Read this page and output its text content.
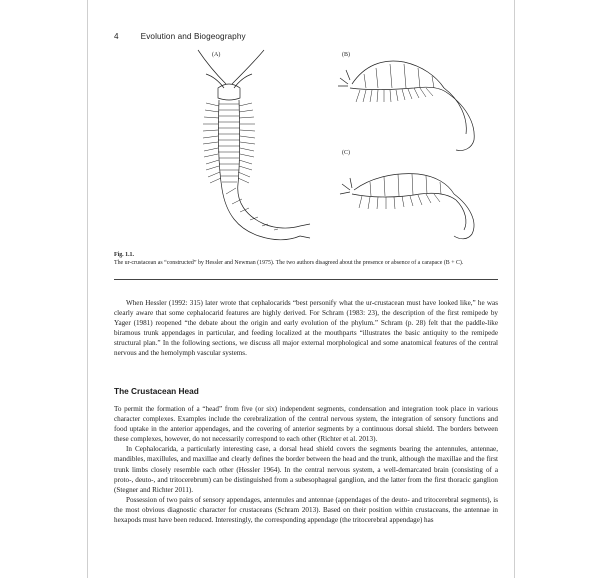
4	Evolution and Biogeography
(A)	(B)
(C)
Fig. 1.1.
The ur-crustacean as “constructed” by Hessler and Newman (1975). The two authors disagreed about the presence or absence of a carapace (B + C).

When Hessler (1992: 315) later wrote that cephalocarids “best personify what the ur-crustacean must have looked like,” he was clearly aware that some cephalocarid features are highly derived. For Schram (1983: 23), the description of the first remipede by Yager (1981) reopened “the debate about the origin and early evolution of the phylum.” Schram (p. 28) felt that the paddle-like biramous trunk appendages in particular, and feeding localized at the mouthparts “illustrates the basic antiquity to the remipede structural plan.” In the following sections, we discuss all major external morphological and some anatomical features of the central nervous and the hemolymph vascular systems.

The Crustacean Head

To permit the formation of a “head” from five (or six) independent segments, condensation and integration took place in various character complexes. Examples include the cerebralization of the central nervous system, the integration of sensory functions and food uptake in the anterior appendages, and the covering of anterior segments by a continuous dorsal shield. The borders between these complexes, however, do not necessarily correspond to each other (Richter et al. 2013).

In Cephalocarida, a particularly interesting case, a dorsal head shield covers the segments bearing the antennules, antennae, mandibles, maxillules, and maxillae and clearly defines the border between the head and the trunk, although the maxillae and the first trunk limbs closely resemble each other (Hessler 1964). In the central nervous system, a well-demarcated brain (consisting of a proto-, deuto-, and tritocerebrum) can be distinguished from a subesophageal ganglion, and the latter from the first thoracic ganglion (Stegner and Richter 2011).

Possession of two pairs of sensory appendages, antennules and antennae (appendages of the deuto- and tritocerebral segments), is the most obvious diagnostic character for crustaceans (Schram 2013). Based on their position within crustaceans, the antennae in hexapods must have been reduced. Interestingly, the corresponding appendage (the tritocerebral appendage) has
